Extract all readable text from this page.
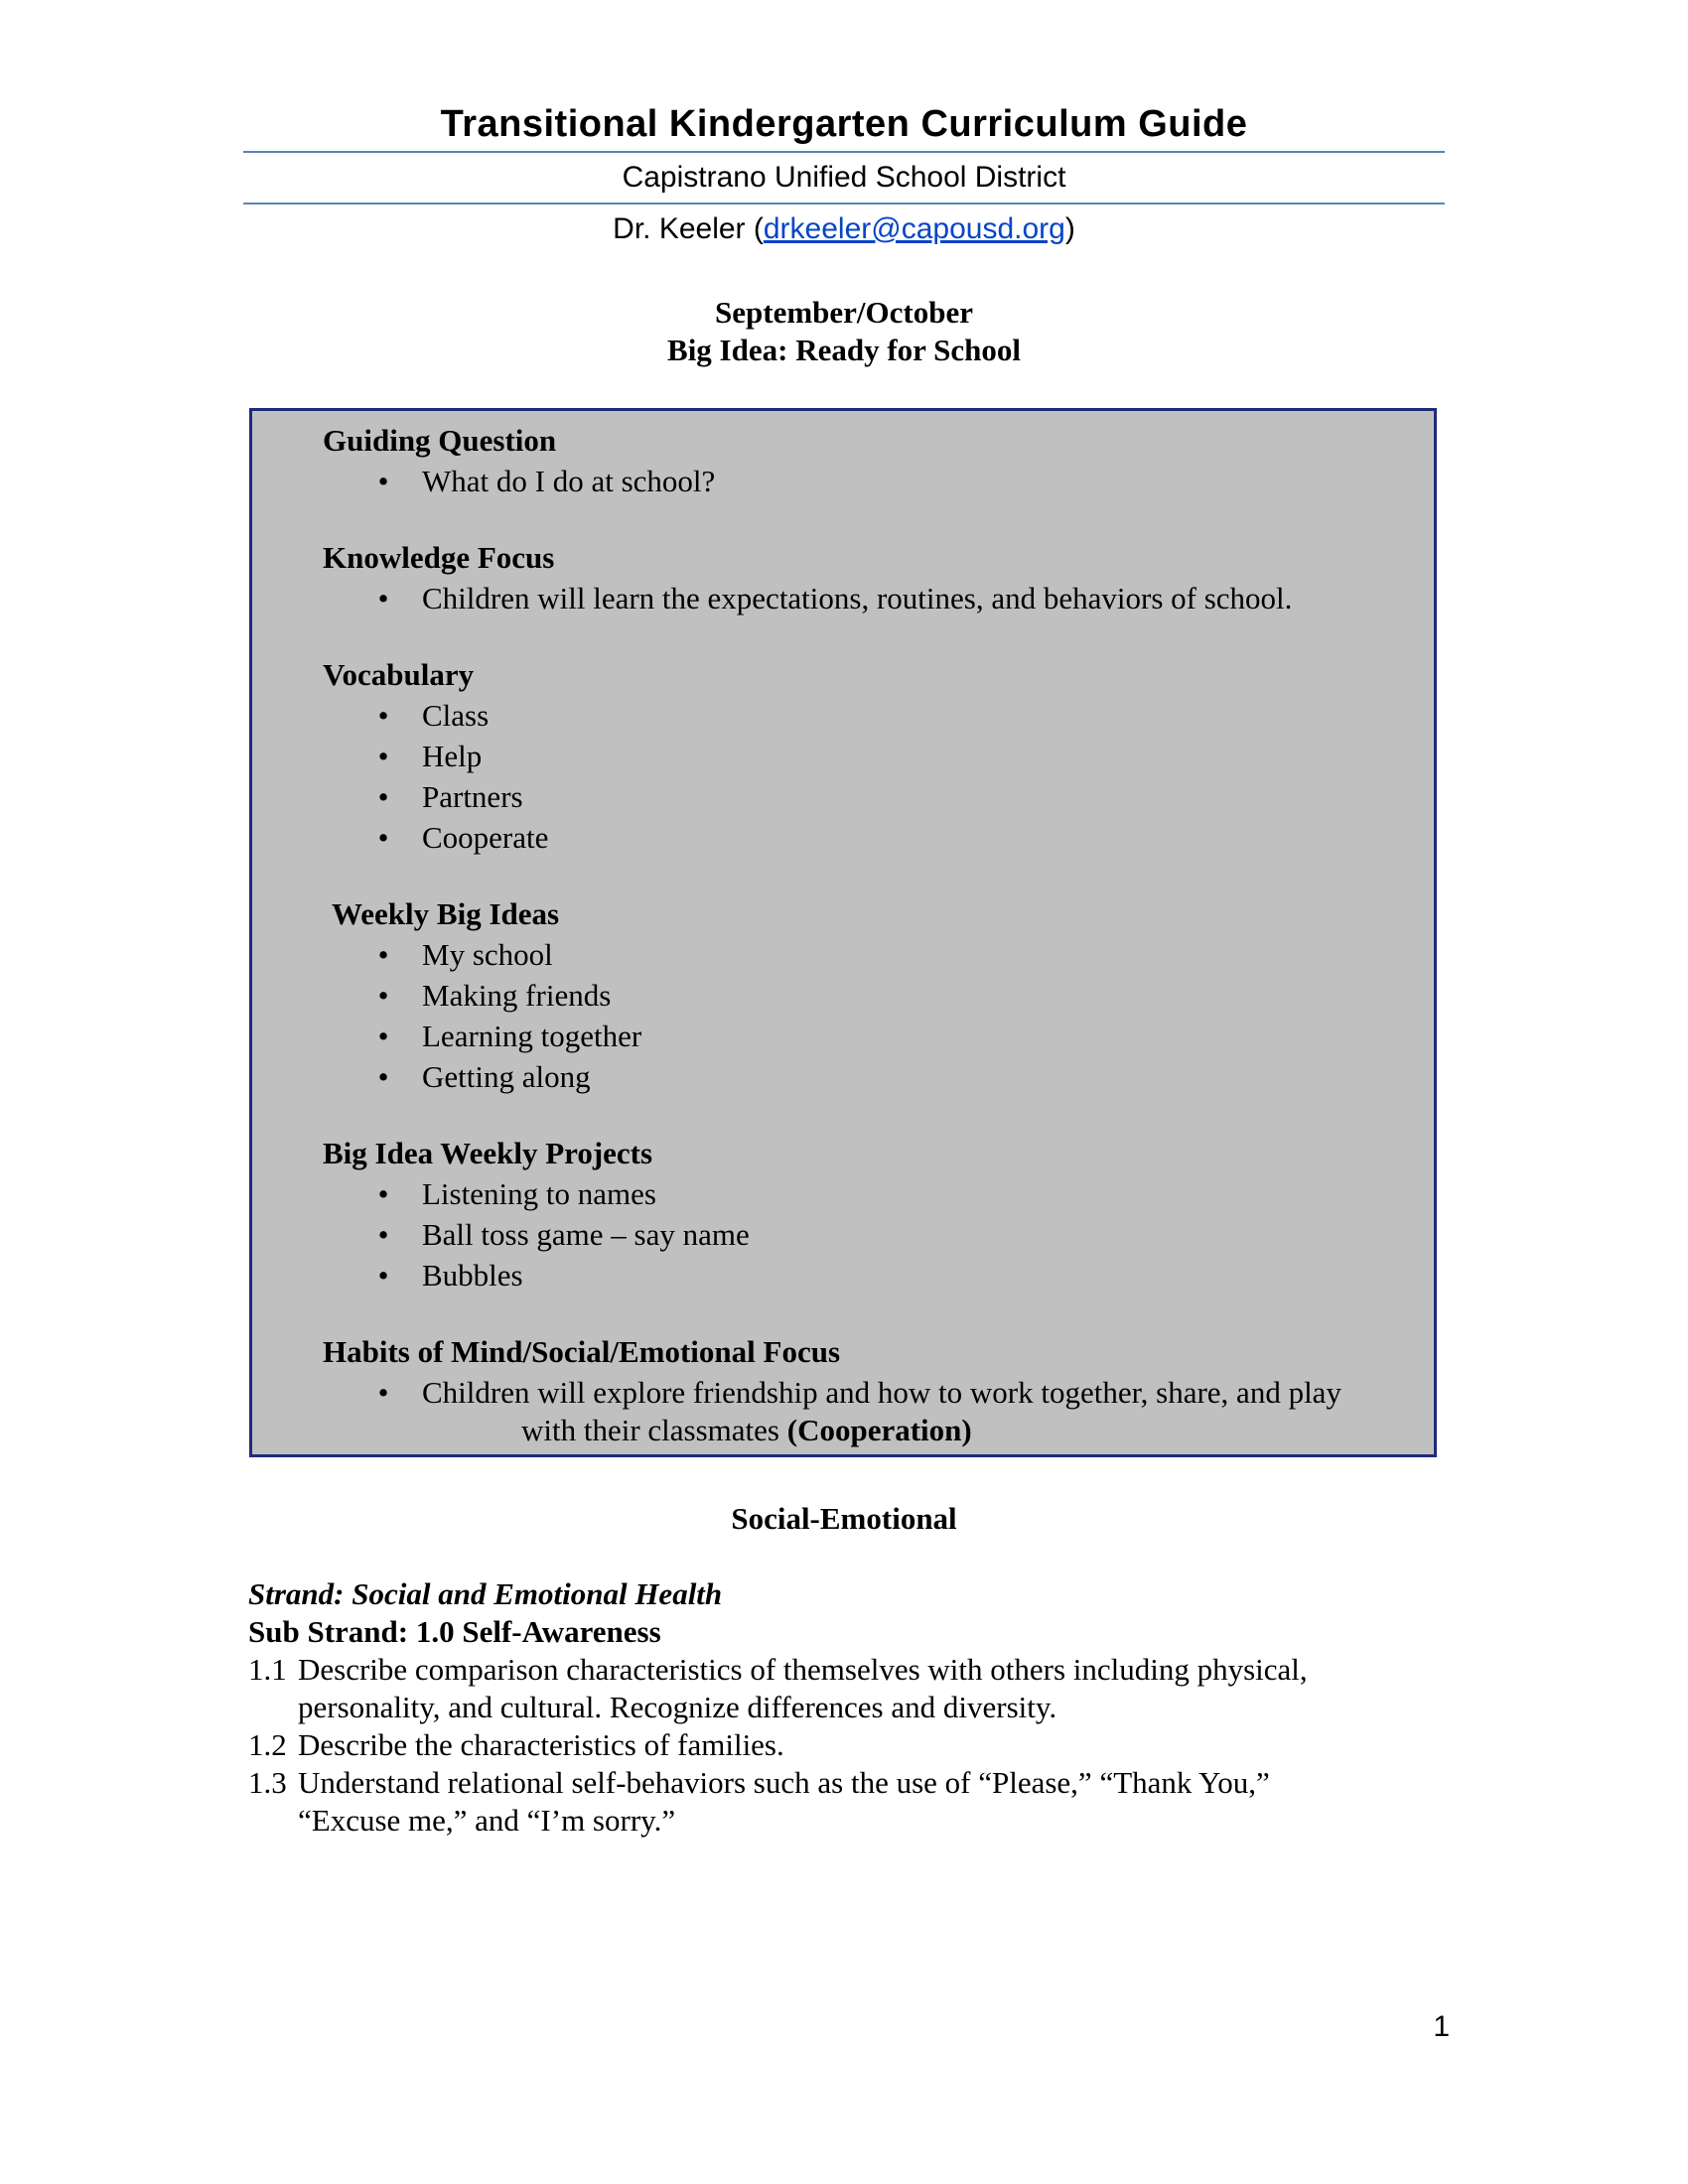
Transitional Kindergarten Curriculum Guide
Capistrano Unified School District
Dr. Keeler (drkeeler@capousd.org)
September/October
Big Idea: Ready for School
Guiding Question
• What do I do at school?
Knowledge Focus
• Children will learn the expectations, routines, and behaviors of school.
Vocabulary
• Class
• Help
• Partners
• Cooperate
Weekly Big Ideas
• My school
• Making friends
• Learning together
• Getting along
Big Idea Weekly Projects
• Listening to names
• Ball toss game – say name
• Bubbles
Habits of Mind/Social/Emotional Focus
• Children will explore friendship and how to work together, share, and play
with their classmates (Cooperation)
Social-Emotional
Strand: Social and Emotional Health
Sub Strand: 1.0 Self-Awareness
1.1 Describe comparison characteristics of themselves with others including physical,
personality, and cultural. Recognize differences and diversity.
1.2 Describe the characteristics of families.
1.3 Understand relational self-behaviors such as the use of “Please,” “Thank You,”
“Excuse me,” and “I’m sorry.”
1
